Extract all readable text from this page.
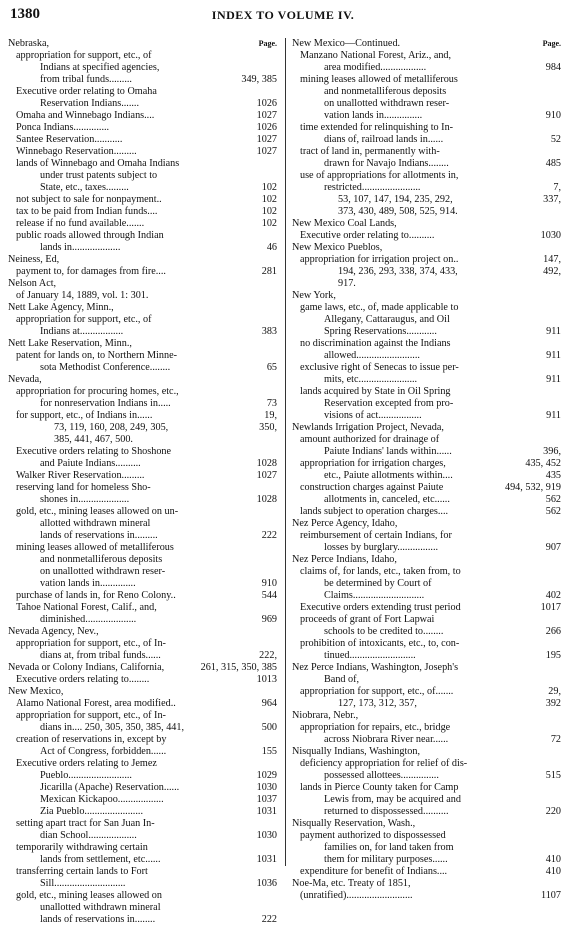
1380	INDEX TO VOLUME IV.
Page.
Nebraska,
appropriation for support, etc., of
Indians at specified agencies,
349, 385
from tribal funds.........
Executive order relating to Omaha
1026
Reservation Indians.......
1027
Omaha and Winnebago Indians....
1026
Ponca Indians..............
1027
Santee Reservation...........
1027
Winnebago Reservation.........
lands of Winnebago and Omaha Indians
under trust patents subject to
102
State, etc., taxes.........
102
not subject to sale for nonpayment..
102
tax to be paid from Indian funds....
102
release if no fund available.......
public roads allowed through Indian
46
lands in...................
Neiness, Ed,
281
payment to, for damages from fire....
Nelson Act,
of January 14, 1889, vol. 1: 301.
Nett Lake Agency, Minn.,
appropriation for support, etc., of
383
Indians at.................
Nett Lake Reservation, Minn.,
patent for lands on, to Northern Minne-
65
sota Methodist Conference........
Nevada,
appropriation for procuring homes, etc.,
73
for nonreservation Indians in.....
19,
for support, etc., of Indians in......
350,
73, 119, 160, 208, 249, 305,
385, 441, 467, 500.
Executive orders relating to Shoshone
1028
and Paiute Indians..........
1027
Walker River Reservation.........
reserving land for homeless Sho-
1028
shones in....................
gold, etc., mining leases allowed on un-
allotted withdrawn mineral
222
lands of reservations in.........
mining leases allowed of metalliferous
and nonmetalliferous deposits
on unallotted withdrawn reser-
910
vation lands in..............
544
purchase of lands in, for Reno Colony..
Tahoe National Forest, Calif., and,
969
diminished....................
Nevada Agency, Nev.,
appropriation for support, etc., of In-
222,
dians at, from tribal funds......
261, 315, 350, 385
Nevada or Colony Indians, California,
1013
Executive orders relating to........
New Mexico,
964
Alamo National Forest, area modified..
appropriation for support, etc., of In-
500
dians in.... 250, 305, 350, 385, 441,
creation of reservations in, except by
155
Act of Congress, forbidden......
Executive orders relating to Jemez
1029
Pueblo.........................
1030
Jicarilla (Apache) Reservation......
1037
Mexican Kickapoo..................
1031
Zia Pueblo.......................
setting apart tract for San Juan In-
1030
dian School...................
temporarily withdrawing certain
1031
lands from settlement, etc......
transferring certain lands to Fort
1036
Sill............................
gold, etc., mining leases allowed on
unallotted withdrawn mineral
222
lands of reservations in........
Page.
New Mexico—Continued.
Manzano National Forest, Ariz., and,
984
area modified..................
mining leases allowed of metalliferous
and nonmetalliferous deposits
on unallotted withdrawn reser-
910
vation lands in...............
time extended for relinquishing to In-
52
dians of, railroad lands in......
tract of land in, permanently with-
485
drawn for Navajo Indians........
use of appropriations for allotments in,
7,
restricted.......................
337,
53, 107, 147, 194, 235, 292,
373, 430, 489, 508, 525, 914.
New Mexico Coal Lands,
1030
Executive order relating to..........
New Mexico Pueblos,
147,
appropriation for irrigation project on..
492,
194, 236, 293, 338, 374, 433,
917.
New York,
game laws, etc., of, made applicable to
Allegany, Cattaraugus, and Oil
911
Spring Reservations............
no discrimination against the Indians
911
allowed.........................
exclusive right of Senecas to issue per-
911
mits, etc.......................
lands acquired by State in Oil Spring
Reservation excepted from pro-
911
visions of act.................
Newlands Irrigation Project, Nevada,
amount authorized for drainage of
396,
Paiute Indians' lands within......
435, 452
appropriation for irrigation charges,
435
etc., Paiute allotments within....
494, 532, 919
construction charges against Paiute
562
allotments in, canceled, etc......
562
lands subject to operation charges....
Nez Perce Agency, Idaho,
reimbursement of certain Indians, for
907
losses by burglary................
Nez Perce Indians, Idaho,
claims of, for lands, etc., taken from, to
be determined by Court of
402
Claims............................
1017
Executive orders extending trust period
proceeds of grant of Fort Lapwai
266
schools to be credited to........
prohibition of intoxicants, etc., to, con-
195
tinued..........................
Nez Perce Indians, Washington, Joseph's
Band of,
29,
appropriation for support, etc., of.......
392
127, 173, 312, 357,
Niobrara, Nebr.,
appropriation for repairs, etc., bridge
72
across Niobrara River near......
Nisqually Indians, Washington,
deficiency appropriation for relief of dis-
515
possessed allottees...............
lands in Pierce County taken for Camp
Lewis from, may be acquired and
220
returned to dispossessed..........
Nisqually Reservation, Wash.,
payment authorized to dispossessed
families on, for land taken from
410
them for military purposes......
410
expenditure for benefit of Indians....
Noe-Ma, etc. Treaty of 1851,
1107
(unratified)..........................
